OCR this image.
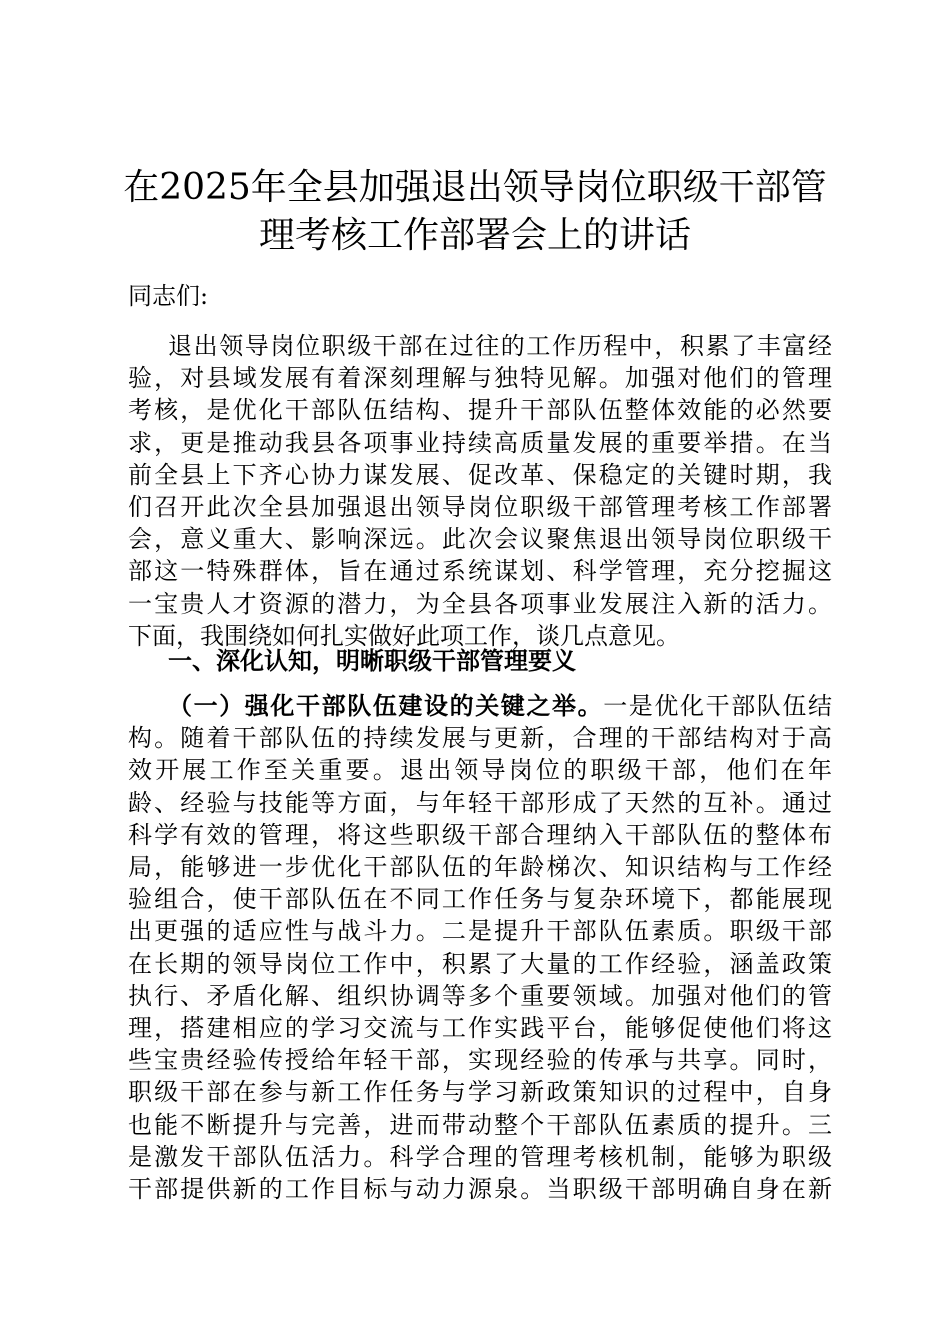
在2025年全县加强退出领导岗位职级干部管
理考核工作部署会上的讲话

同志们:

退出领导岗位职级干部在过往的工作历程中，积累了丰富经
验，对县域发展有着深刻理解与独特见解。加强对他们的管理
考核，是优化干部队伍结构、提升干部队伍整体效能的必然要
求，更是推动我县各项事业持续高质量发展的重要举措。在当
前全县上下齐心协力谋发展、促改革、保稳定的关键时期，我
们召开此次全县加强退出领导岗位职级干部管理考核工作部署
会，意义重大、影响深远。此次会议聚焦退出领导岗位职级干
部这一特殊群体，旨在通过系统谋划、科学管理，充分挖掘这
一宝贵人才资源的潜力，为全县各项事业发展注入新的活力。
下面，我围绕如何扎实做好此项工作，谈几点意见。
一、深化认知，明晰职级干部管理要义
（一）强化干部队伍建设的关键之举。一是优化干部队伍结
构。随着干部队伍的持续发展与更新，合理的干部结构对于高
效开展工作至关重要。退出领导岗位的职级干部，他们在年
龄、经验与技能等方面，与年轻干部形成了天然的互补。通过
科学有效的管理，将这些职级干部合理纳入干部队伍的整体布
局，能够进一步优化干部队伍的年龄梯次、知识结构与工作经
验组合，使干部队伍在不同工作任务与复杂环境下，都能展现
出更强的适应性与战斗力。二是提升干部队伍素质。职级干部
在长期的领导岗位工作中，积累了大量的工作经验，涵盖政策
执行、矛盾化解、组织协调等多个重要领域。加强对他们的管
理，搭建相应的学习交流与工作实践平台，能够促使他们将这
些宝贵经验传授给年轻干部，实现经验的传承与共享。同时，
职级干部在参与新工作任务与学习新政策知识的过程中，自身
也能不断提升与完善，进而带动整个干部队伍素质的提升。三
是激发干部队伍活力。科学合理的管理考核机制，能够为职级
干部提供新的工作目标与动力源泉。当职级干部明确自身在新
